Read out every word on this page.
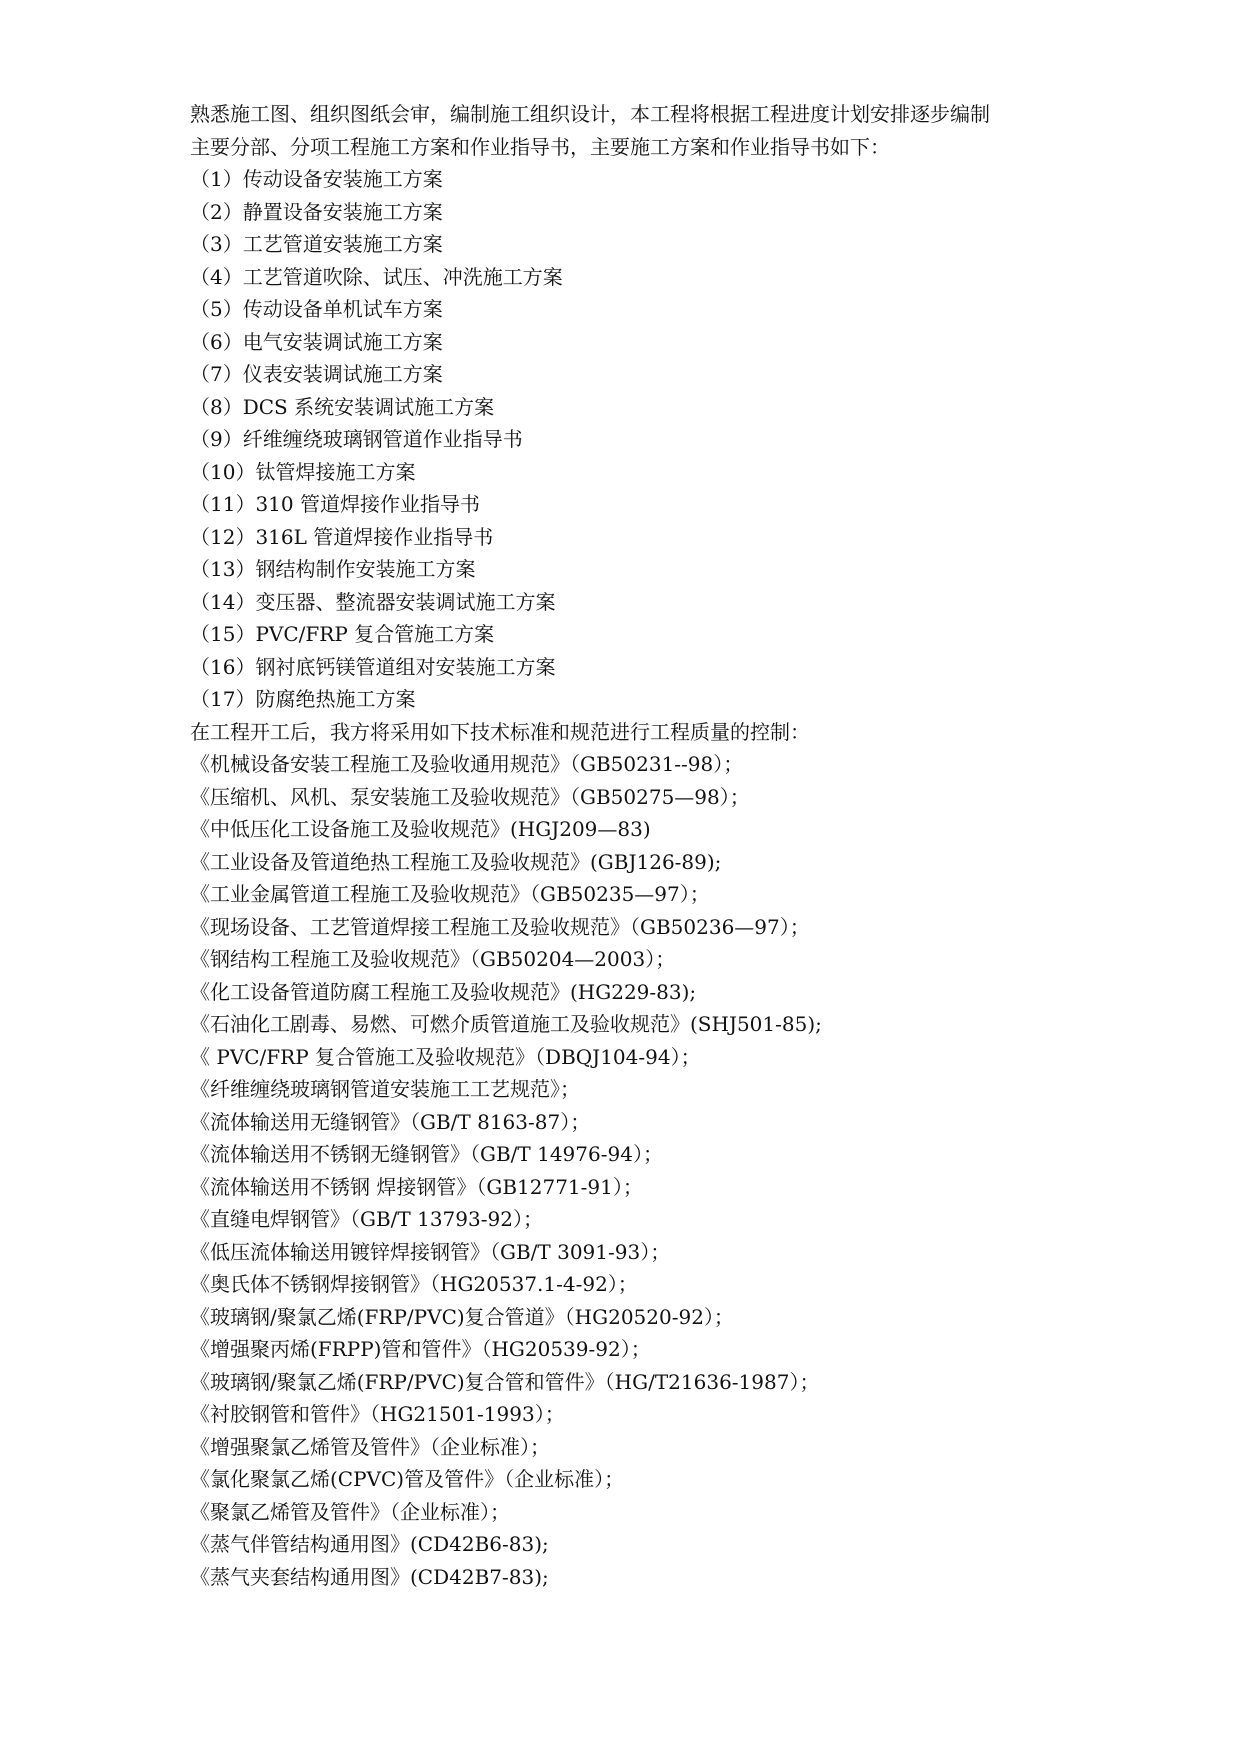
熟悉施工图、组织图纸会审，编制施工组织设计，本工程将根据工程进度计划安排逐步编制
主要分部、分项工程施工方案和作业指导书，主要施工方案和作业指导书如下：
（1）传动设备安装施工方案
（2）静置设备安装施工方案
（3）工艺管道安装施工方案
（4）工艺管道吹除、试压、冲洗施工方案
（5）传动设备单机试车方案
（6）电气安装调试施工方案
（7）仪表安装调试施工方案
（8）DCS 系统安装调试施工方案
（9）纤维缠绕玻璃钢管道作业指导书
（10）钛管焊接施工方案
（11）310 管道焊接作业指导书
（12）316L 管道焊接作业指导书
（13）钢结构制作安装施工方案
（14）变压器、整流器安装调试施工方案
（15）PVC/FRP 复合管施工方案
（16）钢衬底钙镁管道组对安装施工方案
（17）防腐绝热施工方案
在工程开工后，我方将采用如下技术标准和规范进行工程质量的控制：
《机械设备安装工程施工及验收通用规范》（GB50231--98）；
《压缩机、风机、泵安装施工及验收规范》（GB50275—98）；
《中低压化工设备施工及验收规范》(HGJ209—83)
《工业设备及管道绝热工程施工及验收规范》(GBJ126-89);
《工业金属管道工程施工及验收规范》（GB50235—97）；
《现场设备、工艺管道焊接工程施工及验收规范》（GB50236—97）；
《钢结构工程施工及验收规范》（GB50204—2003）；
《化工设备管道防腐工程施工及验收规范》(HG229-83);
《石油化工剧毒、易燃、可燃介质管道施工及验收规范》(SHJ501-85);
《 PVC/FRP 复合管施工及验收规范》（DBQJ104-94）；
《纤维缠绕玻璃钢管道安装施工工艺规范》；
《流体输送用无缝钢管》（GB/T 8163-87）；
《流体输送用不锈钢无缝钢管》（GB/T 14976-94）；
《流体输送用不锈钢 焊接钢管》（GB12771-91）；
《直缝电焊钢管》（GB/T 13793-92）；
《低压流体输送用镀锌焊接钢管》（GB/T 3091-93）；
《奥氏体不锈钢焊接钢管》（HG20537.1-4-92）；
《玻璃钢/聚氯乙烯(FRP/PVC)复合管道》（HG20520-92）；
《增强聚丙烯(FRPP)管和管件》（HG20539-92）；
《玻璃钢/聚氯乙烯(FRP/PVC)复合管和管件》（HG/T21636-1987）；
《衬胶钢管和管件》（HG21501-1993）；
《增强聚氯乙烯管及管件》（企业标准）；
《氯化聚氯乙烯(CPVC)管及管件》（企业标准）；
《聚氯乙烯管及管件》（企业标准）；
《蒸气伴管结构通用图》(CD42B6-83);
《蒸气夹套结构通用图》(CD42B7-83);
